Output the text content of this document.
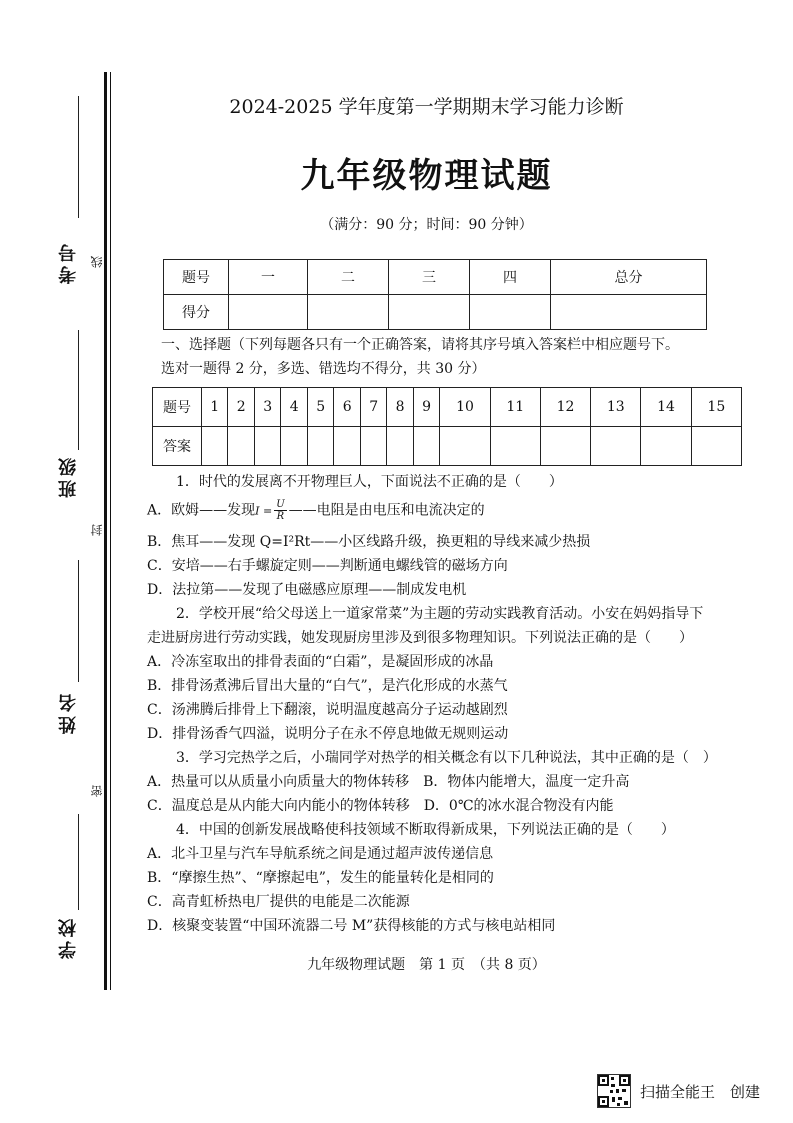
考号 线
班级
封
姓名
密
学校
2024-2025 学年度第一学期期末学习能力诊断
九年级物理试题
（满分：90 分；时间：90 分钟）
题号	一	二	三	四	总分
得分					
一、选择题（下列每题各只有一个正确答案，请将其序号填入答案栏中相应题号下。
选对一题得 2 分，多选、错选均不得分，共 30 分）
题号	1	2	3	4	5	6	7	8	9	10	11	12	13	14	15
答案															
1．时代的发展离不开物理巨人，下面说法不正确的是（　　）
A．欧姆——发现$I = \frac{U}{R}$ ——电阻是由电压和电流决定的
B．焦耳——发现 Q=I²Rt——小区线路升级，换更粗的导线来减少热损
C．安培——右手螺旋定则——判断通电螺线管的磁场方向
D．法拉第——发现了电磁感应原理——制成发电机
2．学校开展“给父母送上一道家常菜”为主题的劳动实践教育活动。小安在妈妈指导下
走进厨房进行劳动实践，她发现厨房里涉及到很多物理知识。下列说法正确的是（　　）
A．冷冻室取出的排骨表面的“白霜”，是凝固形成的冰晶
B．排骨汤煮沸后冒出大量的“白气”，是汽化形成的水蒸气
C．汤沸腾后排骨上下翻滚，说明温度越高分子运动越剧烈
D．排骨汤香气四溢，说明分子在永不停息地做无规则运动
3．学习完热学之后，小瑞同学对热学的相关概念有以下几种说法，其中正确的是（　）
A．热量可以从质量小向质量大的物体转移　B．物体内能增大，温度一定升高
C．温度总是从内能大向内能小的物体转移　D．0℃的冰水混合物没有内能
4．中国的创新发展战略使科技领域不断取得新成果，下列说法正确的是（　　）
A．北斗卫星与汽车导航系统之间是通过超声波传递信息
B．“摩擦生热”、“摩擦起电”，发生的能量转化是相同的
C．高青虹桥热电厂提供的电能是二次能源
D．核聚变装置“中国环流器二号 M”获得核能的方式与核电站相同
九年级物理试题　第 1 页　（共 8 页）
扫描全能王　创建
